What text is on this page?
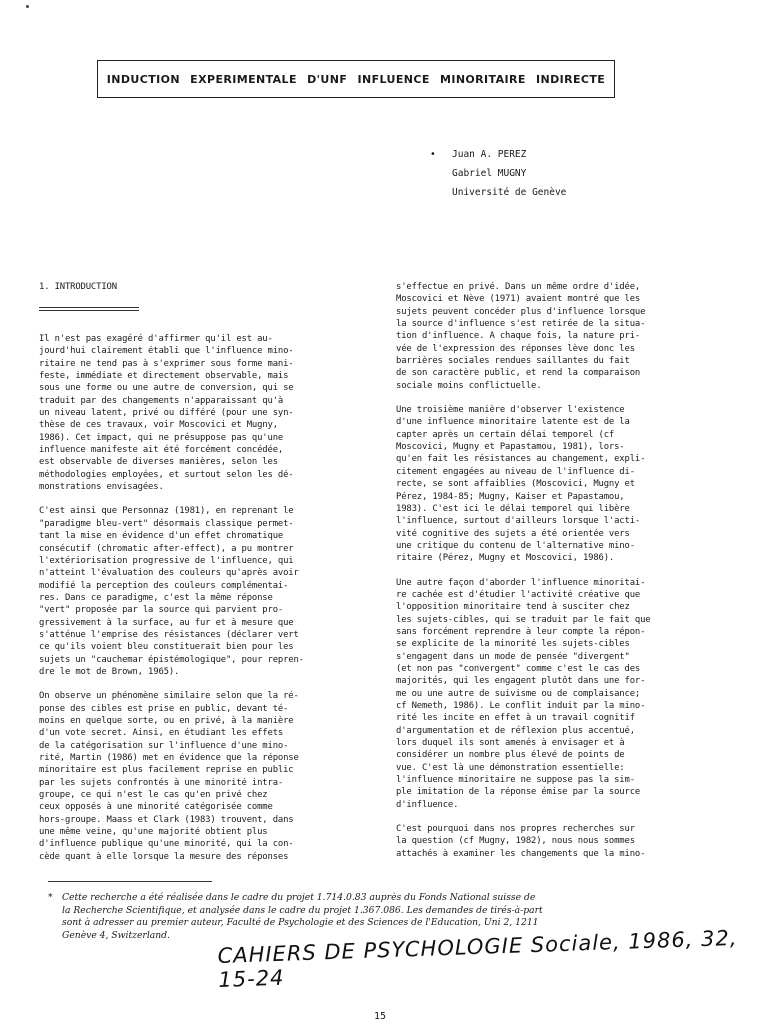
INDUCTION EXPERIMENTALE D'UNF INFLUENCE MINORITAIRE INDIRECTE
• Juan A. PEREZ
Gabriel MUGNY
Université de Genève
1. INTRODUCTION

Il n'est pas exagéré d'affirmer qu'il est au-
jourd'hui clairement établi que l'influence mino-
ritaire ne tend pas à s'exprimer sous forme mani-
feste, immédiate et directement observable, mais
sous une forme ou une autre de conversion, qui se
traduit par des changements n'apparaissant qu'à
un niveau latent, privé ou différé (pour une syn-
thèse de ces travaux, voir Moscovici et Mugny,
1986). Cet impact, qui ne présuppose pas qu'une
influence manifeste ait été forcément concédée,
est observable de diverses manières, selon les
méthodologies employées, et surtout selon les dé-
monstrations envisagées.

C'est ainsi que Personnaz (1981), en reprenant le
"paradigme bleu-vert" désormais classique permet-
tant la mise en évidence d'un effet chromatique
consécutif (chromatic after-effect), a pu montrer
l'extériorisation progressive de l'influence, qui
n'atteint l'évaluation des couleurs qu'après avoir
modifié la perception des couleurs complémentai-
res. Dans ce paradigme, c'est la même réponse
"vert" proposée par la source qui parvient pro-
gressivement à la surface, au fur et à mesure que
s'atténue l'emprise des résistances (déclarer vert
ce qu'ils voient bleu constituerait bien pour les
sujets un "cauchemar épistémologique", pour repren-
dre le mot de Brown, 1965).

On observe un phénomène similaire selon que la ré-
ponse des cibles est prise en public, devant té-
moins en quelque sorte, ou en privé, à la manière
d'un vote secret. Ainsi, en étudiant les effets
de la catégorisation sur l'influence d'une mino-
rité, Martin (1986) met en évidence que la réponse
minoritaire est plus facilement reprise en public
par les sujets confrontés à une minorité intra-
groupe, ce qui n'est le cas qu'en privé chez
ceux opposés à une minorité catégorisée comme
hors-groupe. Maass et Clark (1983) trouvent, dans
une même veine, qu'une majorité obtient plus
d'influence publique qu'une minorité, qui la con-
cède quant à elle lorsque la mesure des réponses

s'effectue en privé. Dans un même ordre d'idée,
Moscovici et Nève (1971) avaient montré que les
sujets peuvent concéder plus d'influence lorsque
la source d'influence s'est retirée de la situa-
tion d'influence. A chaque fois, la nature pri-
vée de l'expression des réponses lève donc les
barrières sociales rendues saillantes du fait
de son caractère public, et rend la comparaison
sociale moins conflictuelle.

Une troisième manière d'observer l'existence
d'une influence minoritaire latente est de la
capter après un certain délai temporel (cf
Moscovici, Mugny et Papastamou, 1981), lors-
qu'en fait les résistances au changement, expli-
citement engagées au niveau de l'influence di-
recte, se sont affaiblies (Moscovici, Mugny et
Pérez, 1984-85; Mugny, Kaiser et Papastamou,
1983). C'est ici le délai temporel qui libère
l'influence, surtout d'ailleurs lorsque l'acti-
vité cognitive des sujets a été orientée vers
une critique du contenu de l'alternative mino-
ritaire (Pérez, Mugny et Moscovici, 1986).

Une autre façon d'aborder l'influence minoritai-
re cachée est d'étudier l'activité créative que
l'opposition minoritaire tend à susciter chez
les sujets-cibles, qui se traduit par le fait que
sans forcément reprendre à leur compte la répon-
se explicite de la minorité les sujets-cibles
s'engagent dans un mode de pensée "divergent"
(et non pas "convergent" comme c'est le cas des
majorités, qui les engagent plutôt dans une for-
me ou une autre de suivisme ou de complaisance;
cf Nemeth, 1986). Le conflit induit par la mino-
rité les incite en effet à un travail cognitif
d'argumentation et de réflexion plus accentué,
lors duquel ils sont amenés à envisager et à
considérer un nombre plus élevé de points de
vue. C'est là une démonstration essentielle:
l'influence minoritaire ne suppose pas la sim-
ple imitation de la réponse émise par la source
d'influence.

C'est pourquoi dans nos propres recherches sur
la question (cf Mugny, 1982), nous nous sommes
attachés à examiner les changements que la mino-

* Cette recherche a été réalisée dans le cadre du projet 1.714.0.83 auprès du Fonds National suisse de
la Recherche Scientifique, et analysée dans le cadre du projet 1.367.086. Les demandes de tirés-à-part
sont à adresser au premier auteur, Faculté de Psychologie et des Sciences de l'Education, Uni 2, 1211
Genève 4, Switzerland.	CAHIERS DE PSYCHOLOGIE Sociale, 1986, 32, 15-24
15
